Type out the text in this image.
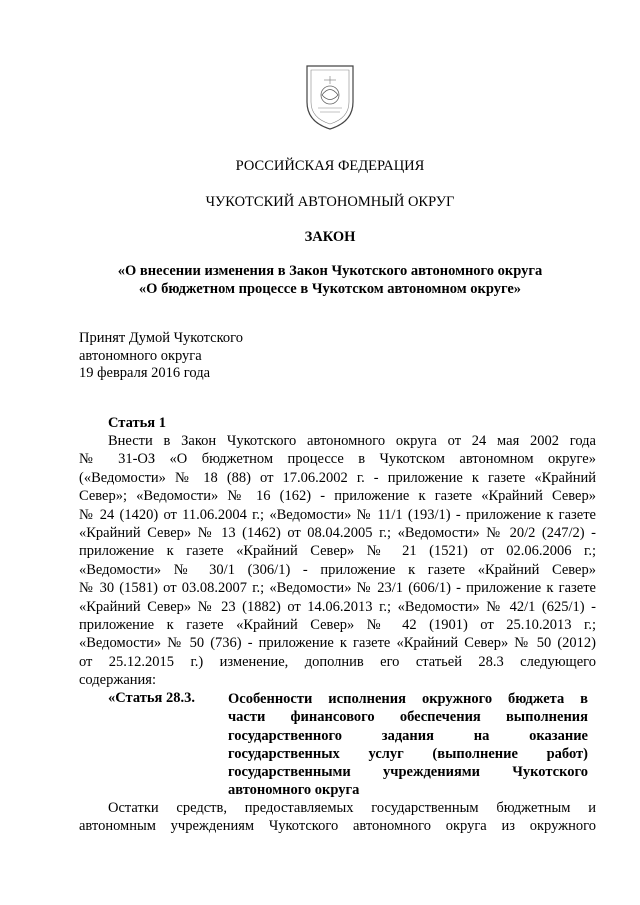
РОССИЙСКАЯ ФЕДЕРАЦИЯ
ЧУКОТСКИЙ АВТОНОМНЫЙ ОКРУГ
ЗАКОН
«О внесении изменения в Закон Чукотского автономного округа
«О бюджетном процессе в Чукотском автономном округе»
Принят Думой Чукотского
автономного округа
19 февраля 2016 года
Статья 1
Внести в Закон Чукотского автономного округа от 24 мая 2002 года
№ 31-ОЗ «О бюджетном процессе в Чукотском автономном округе»
(«Ведомости» № 18 (88) от 17.06.2002 г. - приложение к газете «Крайний
Север»; «Ведомости» № 16 (162) - приложение к газете «Крайний Север»
№ 24 (1420) от 11.06.2004 г.; «Ведомости» № 11/1 (193/1) - приложение к газете
«Крайний Север» № 13 (1462) от 08.04.2005 г.; «Ведомости» № 20/2 (247/2) -
приложение к газете «Крайний Север» № 21 (1521) от 02.06.2006 г.;
«Ведомости» № 30/1 (306/1) - приложение к газете «Крайний Север»
№ 30 (1581) от 03.08.2007 г.; «Ведомости» № 23/1 (606/1) - приложение к газете
«Крайний Север» № 23 (1882) от 14.06.2013 г.; «Ведомости» № 42/1 (625/1) -
приложение к газете «Крайний Север» № 42 (1901) от 25.10.2013 г.;
«Ведомости» № 50 (736) - приложение к газете «Крайний Север» № 50 (2012)
от 25.12.2015 г.) изменение, дополнив его статьей 28.3 следующего
содержания:
«Статья 28.3. Особенности исполнения окружного бюджета в
части финансового обеспечения выполнения
государственного задания на оказание
государственных услуг (выполнение работ)
государственными учреждениями Чукотского
автономного округа
Остатки средств, предоставляемых государственным бюджетным и
автономным учреждениям Чукотского автономного округа из окружного
